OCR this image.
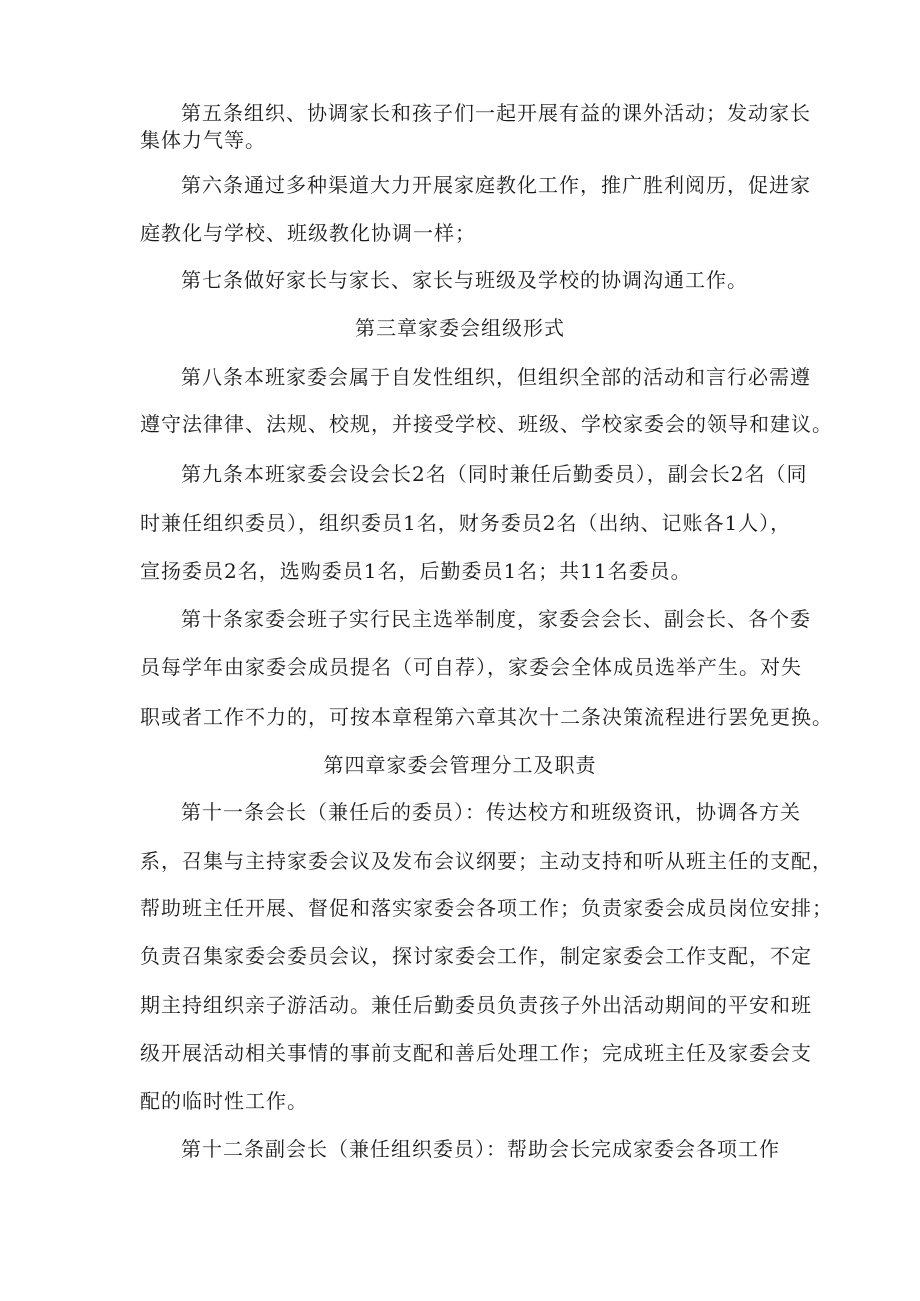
第五条组织、协调家长和孩子们一起开展有益的课外活动；发动家长
集体力气等。
第六条通过多种渠道大力开展家庭教化工作，推广胜利阅历，促进家
庭教化与学校、班级教化协调一样；
第七条做好家长与家长、家长与班级及学校的协调沟通工作。
第三章家委会组级形式
第八条本班家委会属于自发性组织，但组织全部的活动和言行必需遵
遵守法律律、法规、校规，并接受学校、班级、学校家委会的领导和建议。
第九条本班家委会设会长2名（同时兼任后勤委员），副会长2名（同
时兼任组织委员），组织委员1名，财务委员2名（出纳、记账各1人），
宣扬委员2名，选购委员1名，后勤委员1名；共11名委员。
第十条家委会班子实行民主选举制度，家委会会长、副会长、各个委
员每学年由家委会成员提名（可自荐），家委会全体成员选举产生。对失
职或者工作不力的，可按本章程第六章其次十二条决策流程进行罢免更换。
第四章家委会管理分工及职责
第十一条会长（兼任后的委员）：传达校方和班级资讯，协调各方关
系，召集与主持家委会议及发布会议纲要；主动支持和听从班主任的支配，
帮助班主任开展、督促和落实家委会各项工作；负责家委会成员岗位安排；
负责召集家委会委员会议，探讨家委会工作，制定家委会工作支配，不定
期主持组织亲子游活动。兼任后勤委员负责孩子外出活动期间的平安和班
级开展活动相关事情的事前支配和善后处理工作；完成班主任及家委会支
配的临时性工作。
第十二条副会长（兼任组织委员）：帮助会长完成家委会各项工作
